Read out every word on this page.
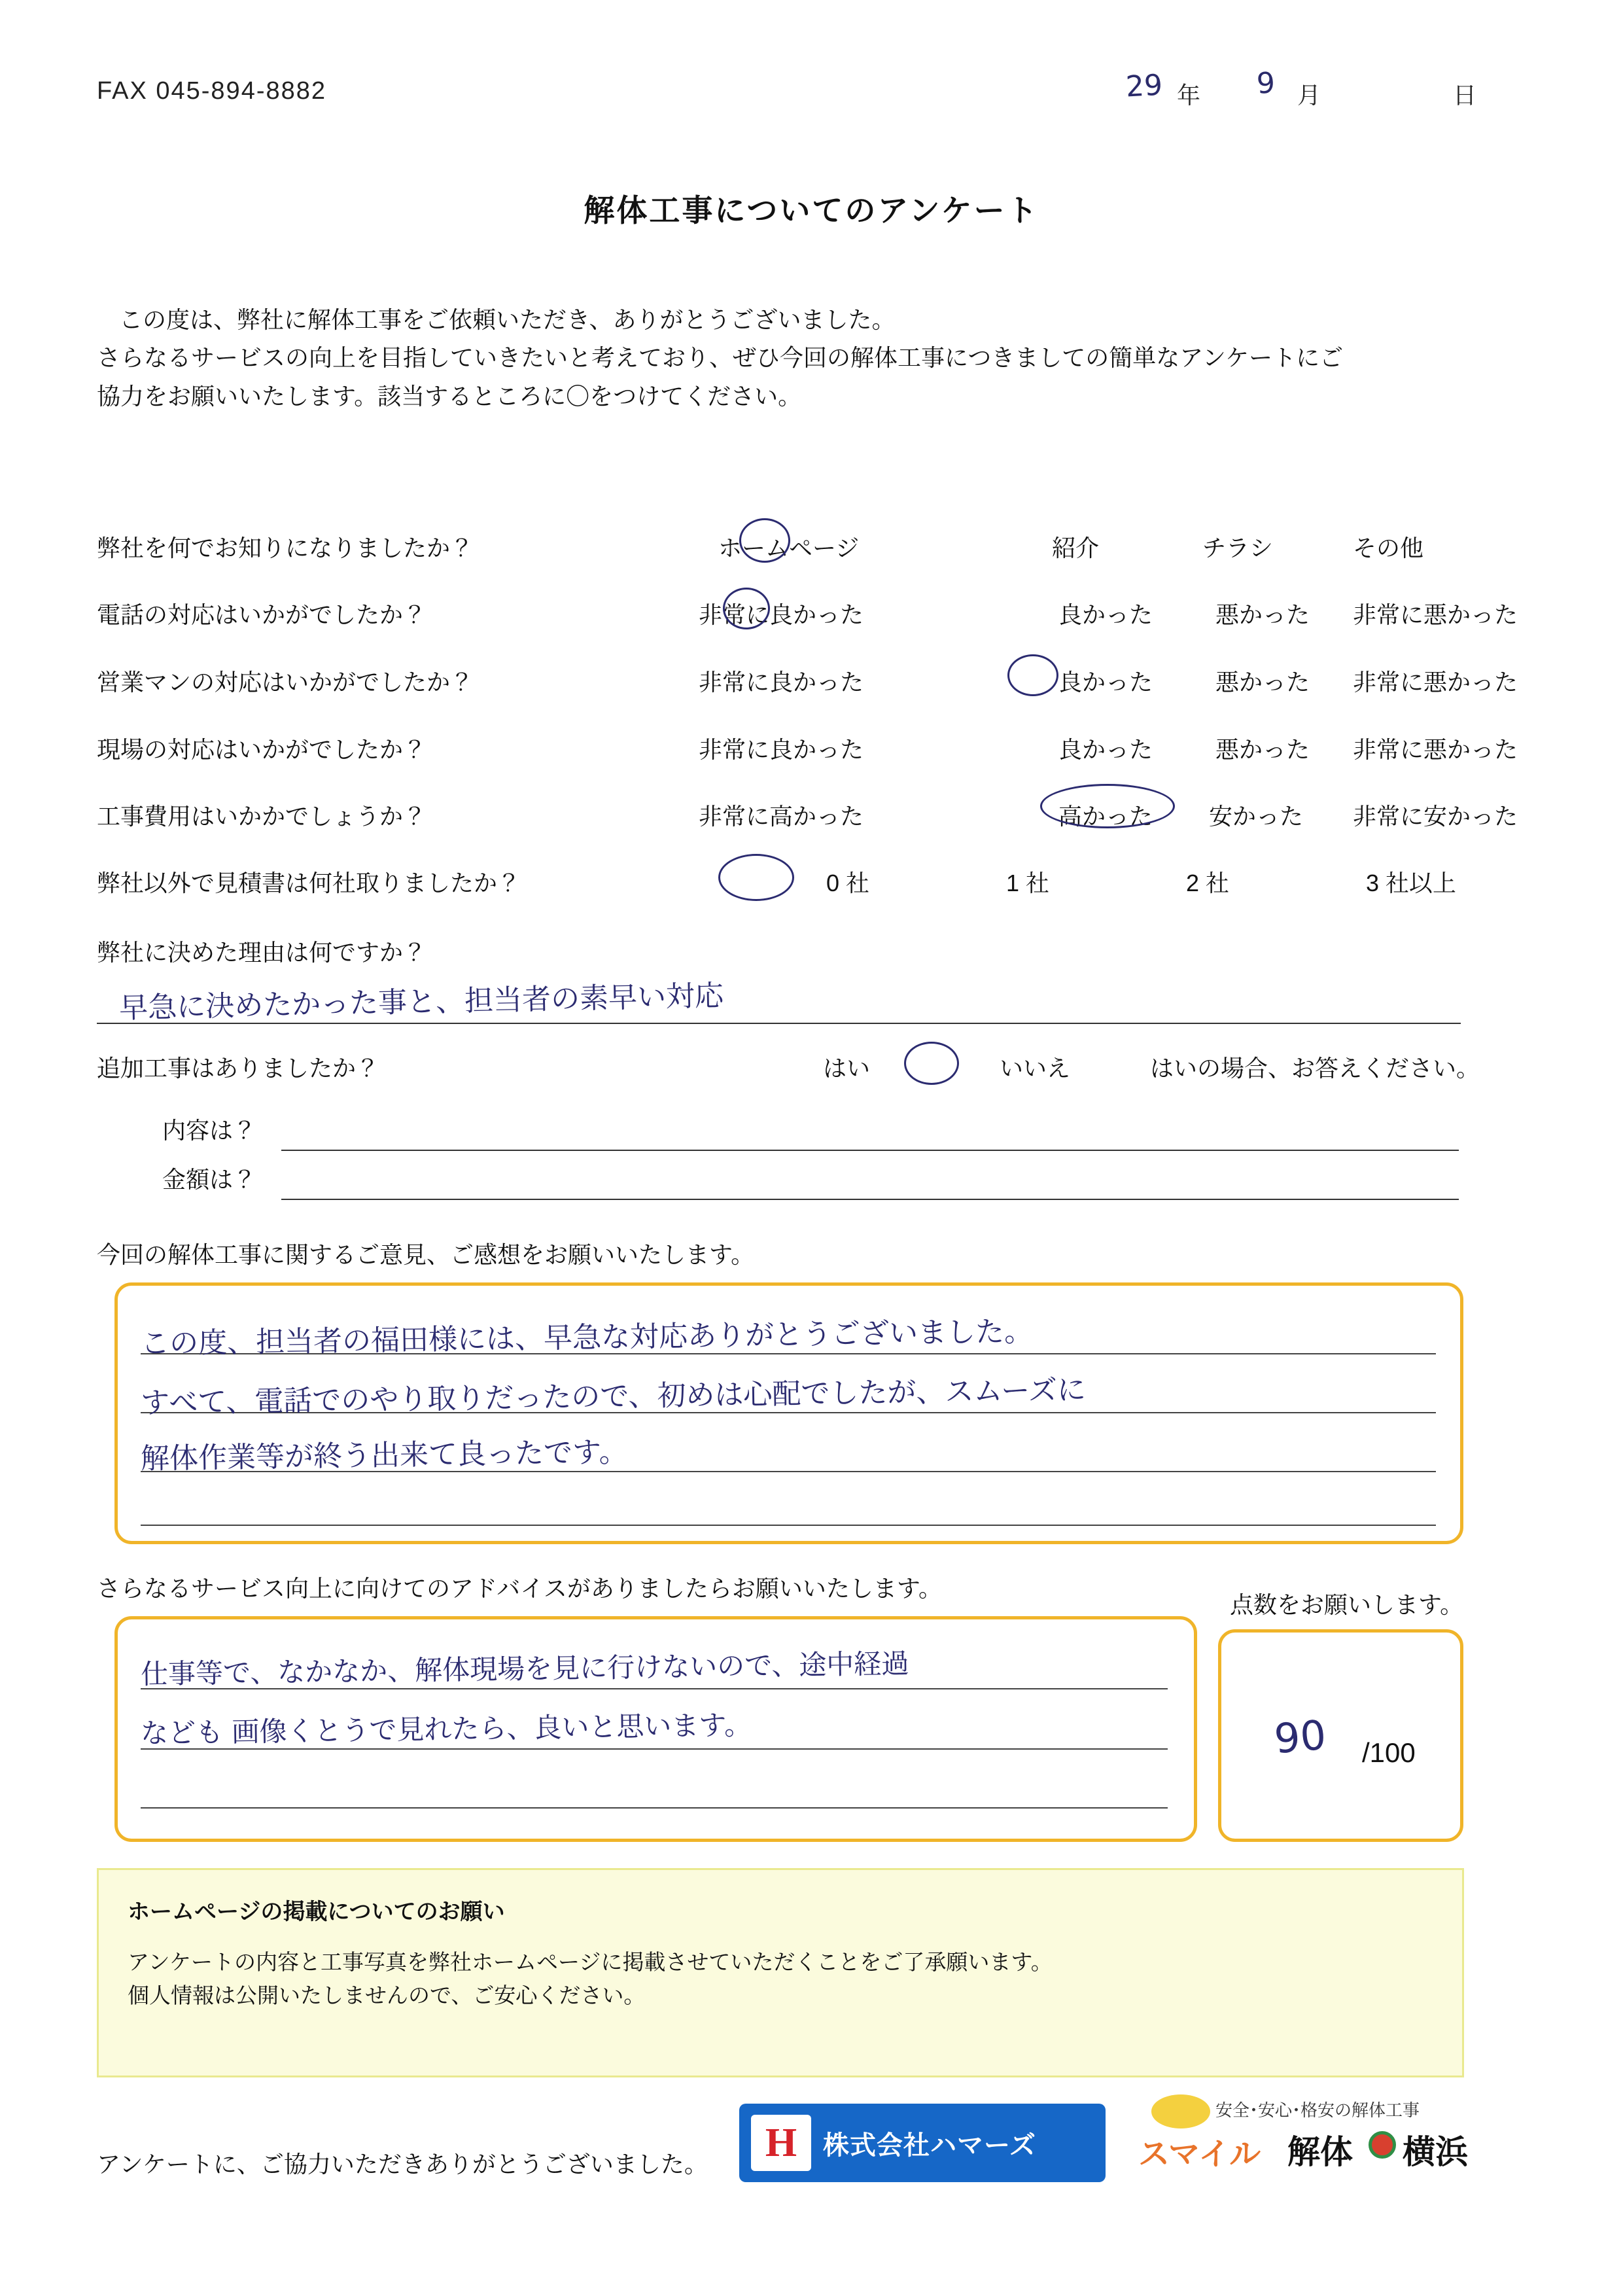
FAX 045-894-8882	29 年 9 月	日
解体工事についてのアンケート

この度は、弊社に解体工事をご依頼いただき、ありがとうございました。

さらなるサービスの向上を目指していきたいと考えており、ぜひ今回の解体工事につきましての簡単なアンケートにご

協力をお願いいたします。該当するところに〇をつけてください。

弊社を何でお知りになりましたか？	ホームページ	紹介	チラシ	その他
電話の対応はいかがでしたか？	非常に良かった	良かった	悪かった 非常に悪かった
営業マンの対応はいかがでしたか？	非常に良かった	良かった	悪かった 非常に悪かった
現場の対応はいかがでしたか？	非常に良かった	良かった	悪かった 非常に悪かった
工事費用はいかかでしょうか？	非常に高かった	高かった 安かった 非常に安かった
弊社以外で見積書は何社取りましたか？	0 社	1 社	2 社	3 社以上
弊社に決めた理由は何ですか？
早急に決めたかった事と、担当者の素早い対応
追加工事はありましたか？	はい	いいえ	はいの場合、お答えください。
内容は？
金額は？
今回の解体工事に関するご意見、ご感想をお願いいたします。
この度、担当者の福田様には、早急な対応ありがとうございました。
すべて、電話でのやり取りだったので、初めは心配でしたが、スムーズに
解体作業等が終う出来て良ったです。
さらなるサービス向上に向けてのアドバイスがありましたらお願いいたします。
仕事等で、なかなか、解体現場を見に行けないので、途中経過
なども 画像くとうで見れたら、良いと思います。
点数をお願いします。
90 /100
ホームページの掲載についてのお願い
アンケートの内容と工事写真を弊社ホームページに掲載させていただくことをご了承願います。
個人情報は公開いたしませんので、ご安心ください。
アンケートに、ご協力いただきありがとうございました。	H 株式会社ハマーズ
安全･安心･格安の解体工事
スマイル 解体 横浜
